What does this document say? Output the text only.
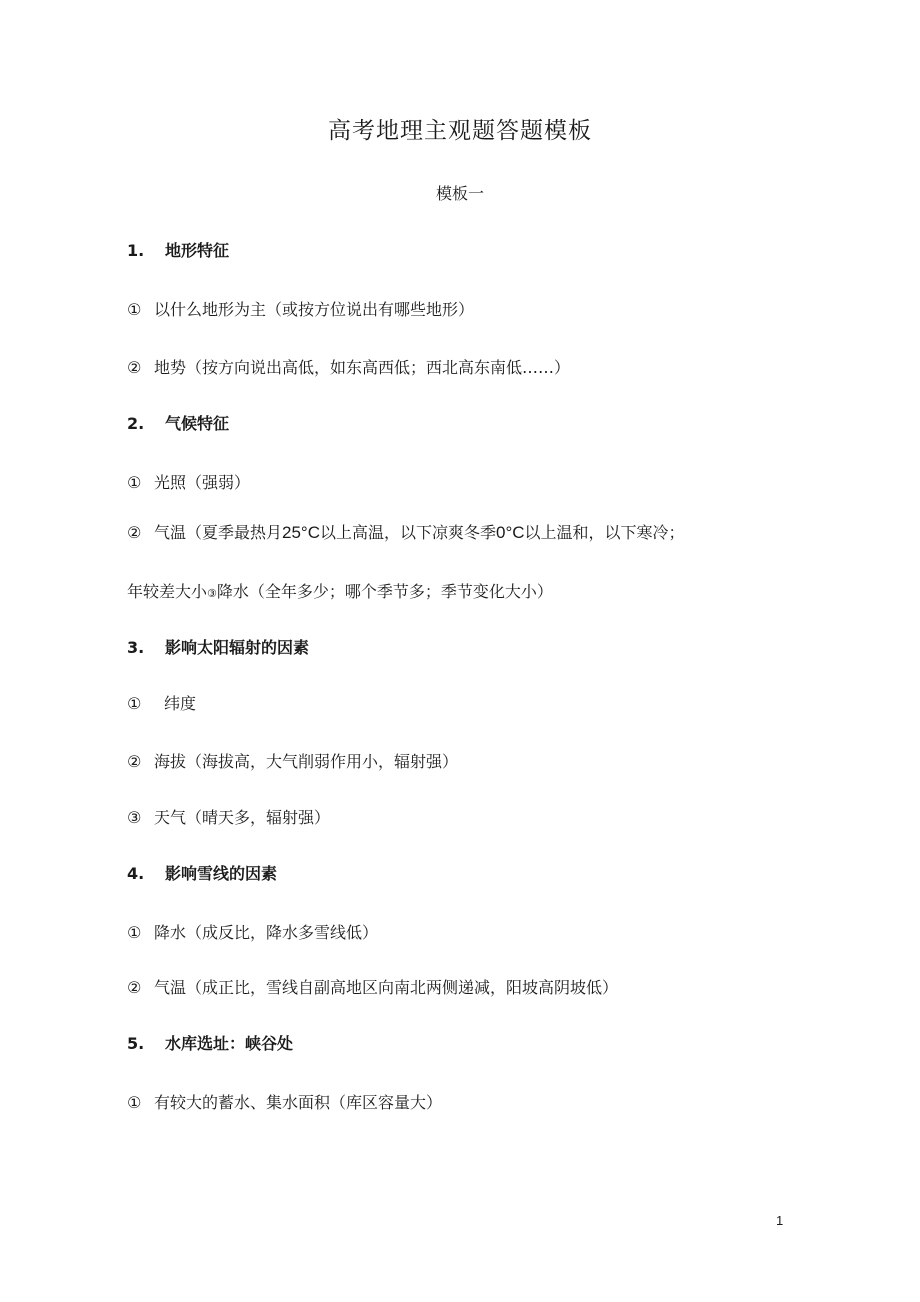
高考地理主观题答题模板
模板一
1. 地形特征
① 以什么地形为主（或按方位说出有哪些地形）
② 地势（按方向说出高低，如东高西低；西北高东南低……）
2. 气候特征
① 光照（强弱）
② 气温（夏季最热月25°C以上高温，以下凉爽冬季0°C以上温和，以下寒冷；
年较差大小③降水（全年多少；哪个季节多；季节变化大小）
3. 影响太阳辐射的因素
① 纬度
② 海拔（海拔高，大气削弱作用小，辐射强）
③ 天气（晴天多，辐射强）
4. 影响雪线的因素
① 降水（成反比，降水多雪线低）
② 气温（成正比，雪线自副高地区向南北两侧递减，阳坡高阴坡低）
5. 水库选址：峡谷处
① 有较大的蓄水、集水面积（库区容量大）
1
